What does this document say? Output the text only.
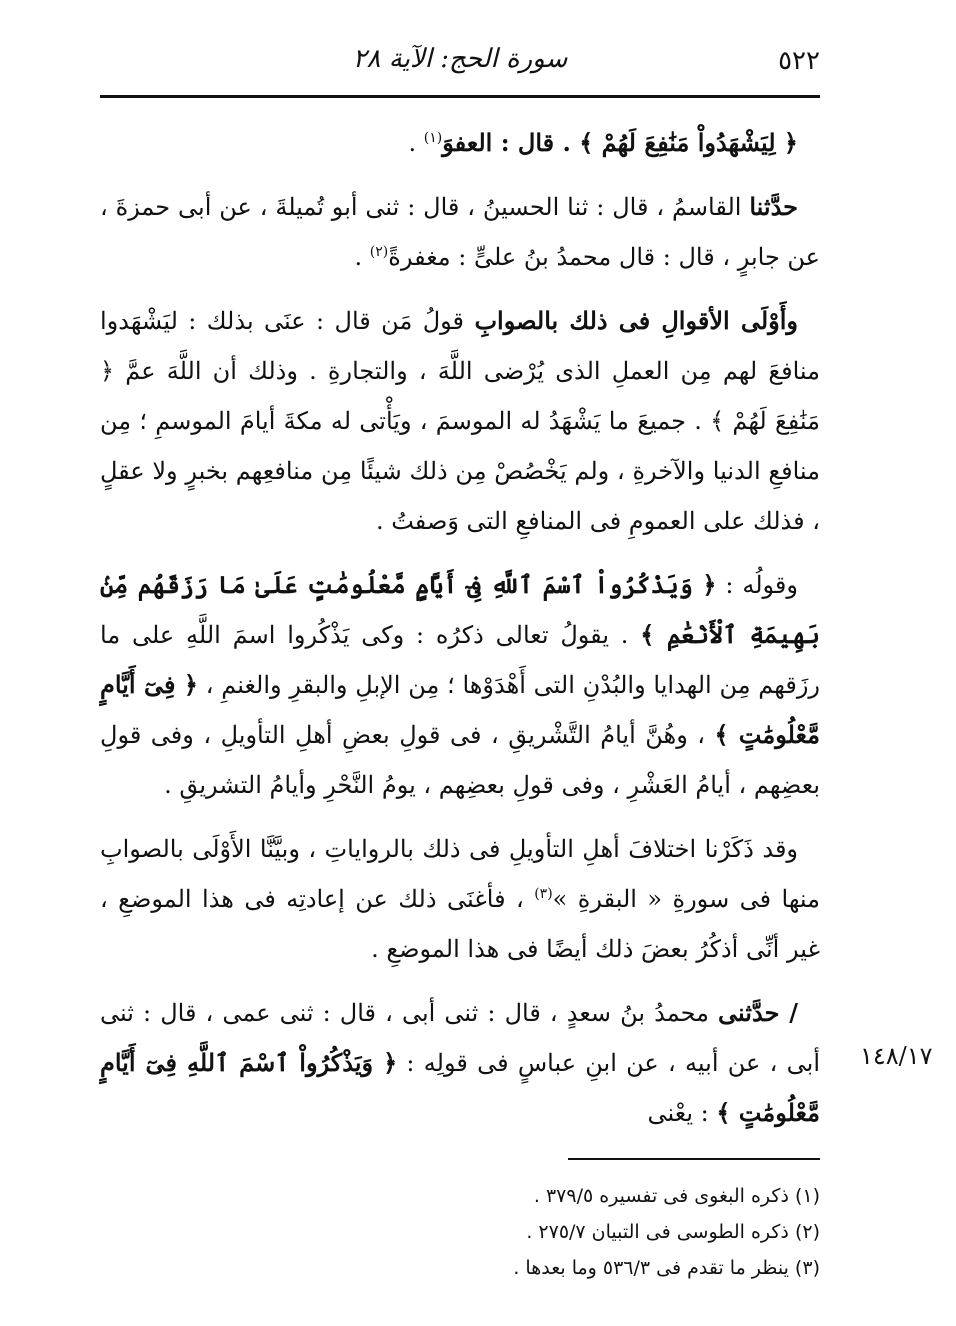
٥٢٢
سورة الحج: الآية ٢٨

﴿ لِيَشْهَدُواْ مَنَٰفِعَ لَهُمْ ﴾ . قال : العفوَ$^{(١)}$ .

حدَّثنا القاسمُ ، قال : ثنا الحسينُ ، قال : ثنى أبو تُميلةَ ، عن أبى حمزةَ ، عن جابرٍ ، قال : قال محمدُ بنُ علىٍّ : مغفرةً$^{(٢)}$ .

وأَوْلَى الأقوالِ فى ذلك بالصوابِ قولُ مَن قال : عنَى بذلك : ليَشْهَدوا منافعَ لهم مِن العملِ الذى يُرْضى اللَّهَ ، والتجارةِ . وذلك أن اللَّهَ عمَّ ﴿ مَنَٰفِعَ لَهُمْ ﴾ . جميعَ ما يَشْهَدُ له الموسمَ ، ويَأْتى له مكةَ أيامَ الموسمِ ؛ مِن منافعِ الدنيا والآخرةِ ، ولم يَخْصُصْ مِن ذلك شيئًا مِن منافعِهم بخبرٍ ولا عقلٍ ، فذلك على العمومِ فى المنافعِ التى وَصفتُ .

وقولُه : ﴿ وَيَذْكُرُواْ ٱسْمَ ٱللَّهِ فِىٓ أَيَّامٍ مَّعْلُومَٰتٍ عَلَىٰ مَا رَزَقَهُم مِّنۢ بَهِيمَةِ ٱلْأَنْعَٰمِ ﴾ . يقولُ تعالى ذكرُه : وكى يَذْكُروا اسمَ اللَّهِ على ما رزَقهم مِن الهدايا والبُدْنِ التى أَهْدَوْها ؛ مِن الإبلِ والبقرِ والغنمِ ، ﴿ فِىٓ أَيَّامٍ مَّعْلُومَٰتٍ ﴾ ، وهُنَّ أيامُ التَّشْريقِ ، فى قولِ بعضِ أهلِ التأويلِ ، وفى قولِ بعضِهم ، أيامُ العَشْرِ ، وفى قولِ بعضِهم ، يومُ النَّحْرِ وأيامُ التشريقِ .

وقد ذَكَرْنا اختلافَ أهلِ التأويلِ فى ذلك بالرواياتِ ، وبيَّنَّا الأَوْلَى بالصوابِ منها فى سورةِ « البقرةِ »$^{(٣)}$ ، فأغنَى ذلك عن إعادتِه فى هذا الموضعِ ، غير أنِّى أذكُرُ بعضَ ذلك أيضًا فى هذا الموضعِ .

/ حدَّثنى محمدُ بنُ سعدٍ ، قال : ثنى أبى ، قال : ثنى عمى ، قال : ثنى أبى ، عن أبيه ، عن ابنِ عباسٍ فى قولِه : ﴿ وَيَذْكُرُواْ ٱسْمَ ٱللَّهِ فِىٓ أَيَّامٍ مَّعْلُومَٰتٍ ﴾ : يعْنى

١٤٨/١٧

(١) ذكره البغوى فى تفسيره ٣٧٩/٥ .

(٢) ذكره الطوسى فى التبيان ٢٧٥/٧ .

(٣) ينظر ما تقدم فى ٥٣٦/٣ وما بعدها .
